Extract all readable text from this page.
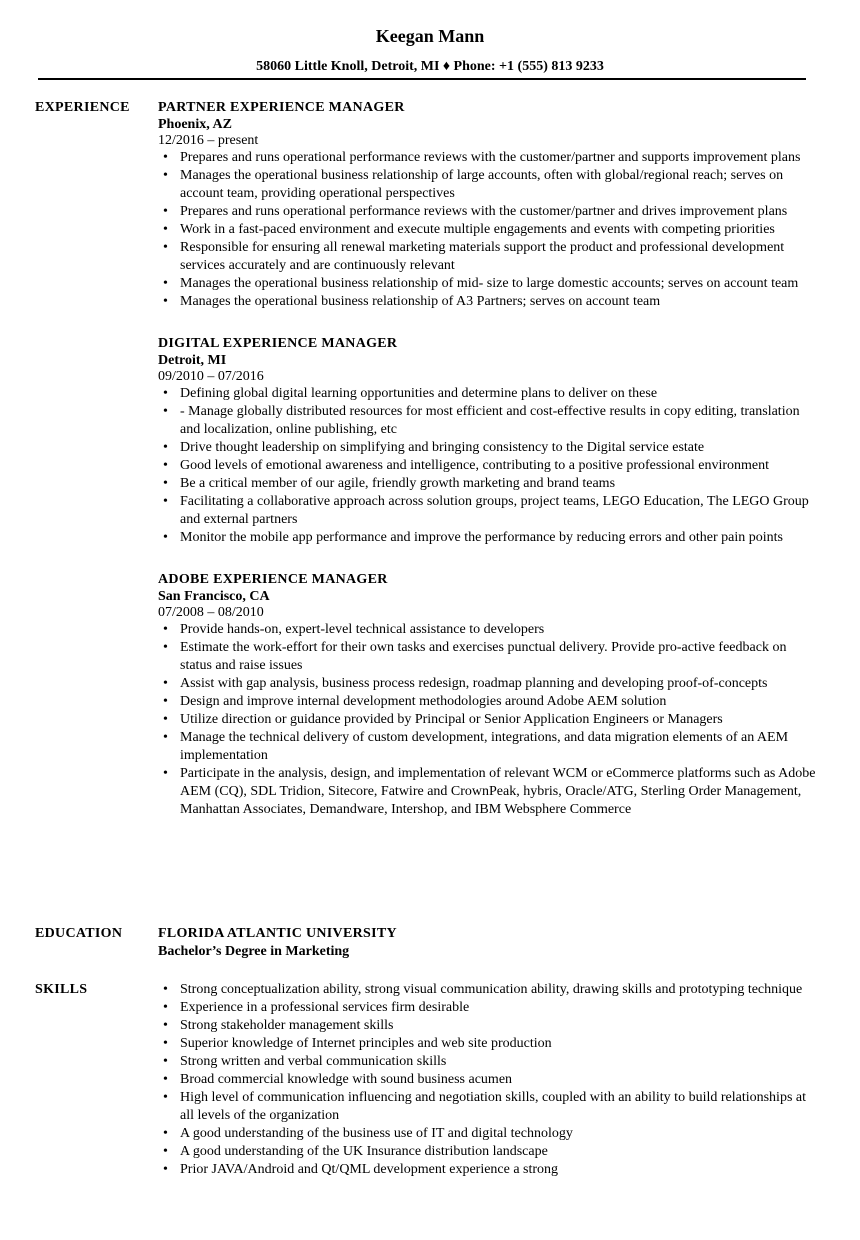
Keegan Mann
58060 Little Knoll, Detroit, MI ♦ Phone: +1 (555) 813 9233
EXPERIENCE PARTNER EXPERIENCE MANAGER
Phoenix, AZ
12/2016 – present
• Prepares and runs operational performance reviews with the customer/partner and supports improvement plans
• Manages the operational business relationship of large accounts, often with global/regional reach; serves on account team, providing operational perspectives
• Prepares and runs operational performance reviews with the customer/partner and drives improvement plans
• Work in a fast-paced environment and execute multiple engagements and events with competing priorities
• Responsible for ensuring all renewal marketing materials support the product and professional development services accurately and are continuously relevant
• Manages the operational business relationship of mid- size to large domestic accounts; serves on account team
• Manages the operational business relationship of A3 Partners; serves on account team
DIGITAL EXPERIENCE MANAGER
Detroit, MI
09/2010 – 07/2016
• Defining global digital learning opportunities and determine plans to deliver on these
• - Manage globally distributed resources for most efficient and cost-effective results in copy editing, translation and localization, online publishing, etc
• Drive thought leadership on simplifying and bringing consistency to the Digital service estate
• Good levels of emotional awareness and intelligence, contributing to a positive professional environment
• Be a critical member of our agile, friendly growth marketing and brand teams
• Facilitating a collaborative approach across solution groups, project teams, LEGO Education, The LEGO Group and external partners
• Monitor the mobile app performance and improve the performance by reducing errors and other pain points
ADOBE EXPERIENCE MANAGER
San Francisco, CA
07/2008 – 08/2010
• Provide hands-on, expert-level technical assistance to developers
• Estimate the work-effort for their own tasks and exercises punctual delivery. Provide pro-active feedback on status and raise issues
• Assist with gap analysis, business process redesign, roadmap planning and developing proof-of-concepts
• Design and improve internal development methodologies around Adobe AEM solution
• Utilize direction or guidance provided by Principal or Senior Application Engineers or Managers
• Manage the technical delivery of custom development, integrations, and data migration elements of an AEM implementation
• Participate in the analysis, design, and implementation of relevant WCM or eCommerce platforms such as Adobe AEM (CQ), SDL Tridion, Sitecore, Fatwire and CrownPeak, hybris, Oracle/ATG, Sterling Order Management, Manhattan Associates, Demandware, Intershop, and IBM Websphere Commerce
EDUCATION	FLORIDA ATLANTIC UNIVERSITY
Bachelor’s Degree in Marketing
SKILLS
•	Strong conceptualization ability, strong visual communication ability, drawing skills and prototyping technique
• Experience in a professional services firm desirable
• Strong stakeholder management skills
• Superior knowledge of Internet principles and web site production
• Strong written and verbal communication skills
• Broad commercial knowledge with sound business acumen
• High level of communication influencing and negotiation skills, coupled with an ability to build relationships at all levels of the organization
• A good understanding of the business use of IT and digital technology
• A good understanding of the UK Insurance distribution landscape
• Prior JAVA/Android and Qt/QML development experience a strong
